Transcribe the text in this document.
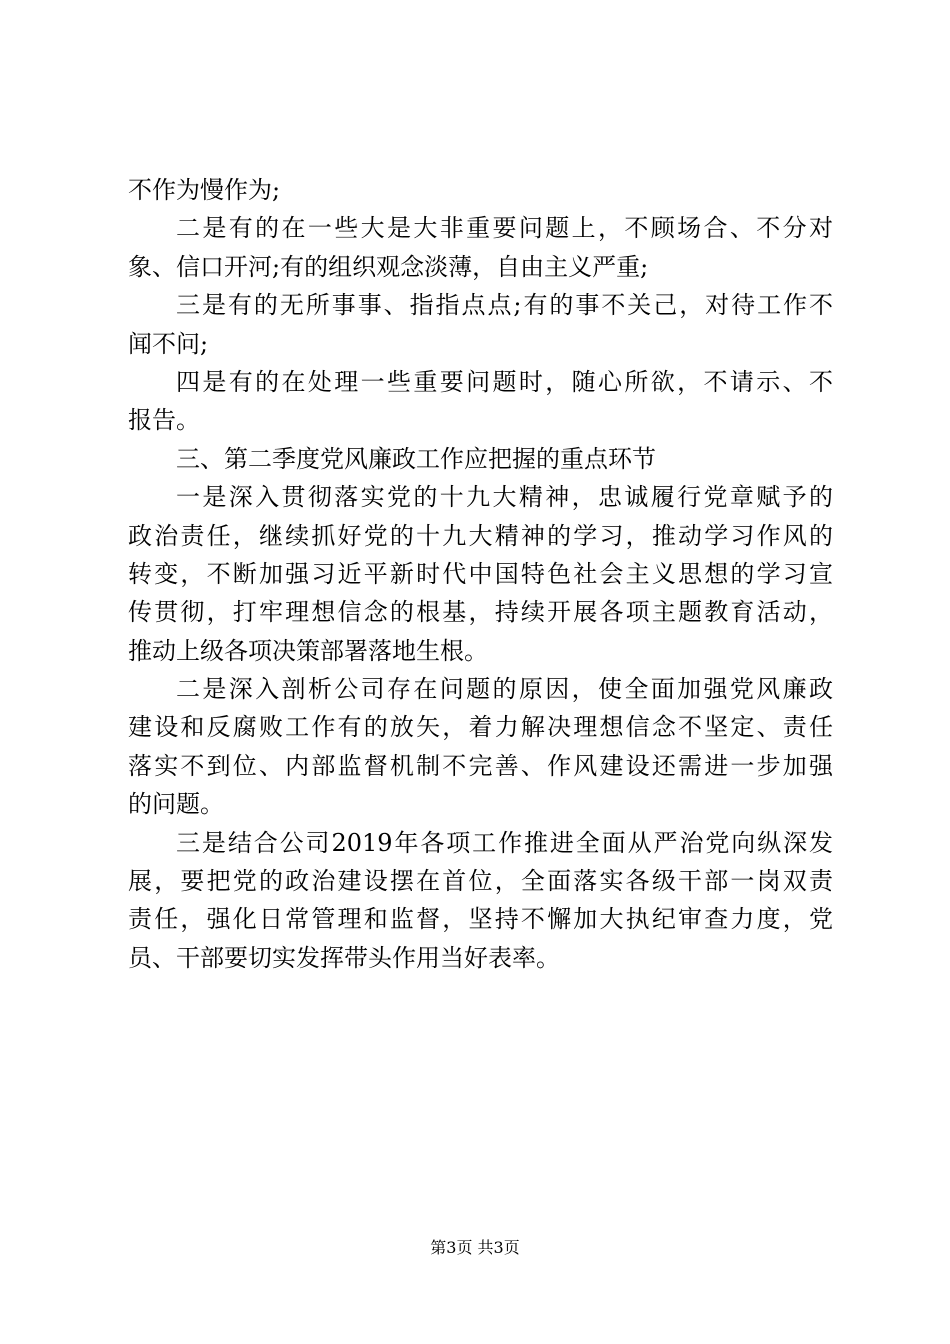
不作为慢作为;
二是有的在一些大是大非重要问题上，不顾场合、不分对
象、信口开河;有的组织观念淡薄，自由主义严重;
三是有的无所事事、指指点点;有的事不关己，对待工作不
闻不问;
四是有的在处理一些重要问题时，随心所欲，不请示、不
报告。
三、第二季度党风廉政工作应把握的重点环节
一是深入贯彻落实党的十九大精神，忠诚履行党章赋予的
政治责任，继续抓好党的十九大精神的学习，推动学习作风的
转变，不断加强习近平新时代中国特色社会主义思想的学习宣
传贯彻，打牢理想信念的根基，持续开展各项主题教育活动，
推动上级各项决策部署落地生根。
二是深入剖析公司存在问题的原因，使全面加强党风廉政
建设和反腐败工作有的放矢，着力解决理想信念不坚定、责任
落实不到位、内部监督机制不完善、作风建设还需进一步加强
的问题。
三是结合公司2019年各项工作推进全面从严治党向纵深发
展，要把党的政治建设摆在首位，全面落实各级干部一岗双责
责任，强化日常管理和监督，坚持不懈加大执纪审查力度，党
员、干部要切实发挥带头作用当好表率。
第3页 共3页
